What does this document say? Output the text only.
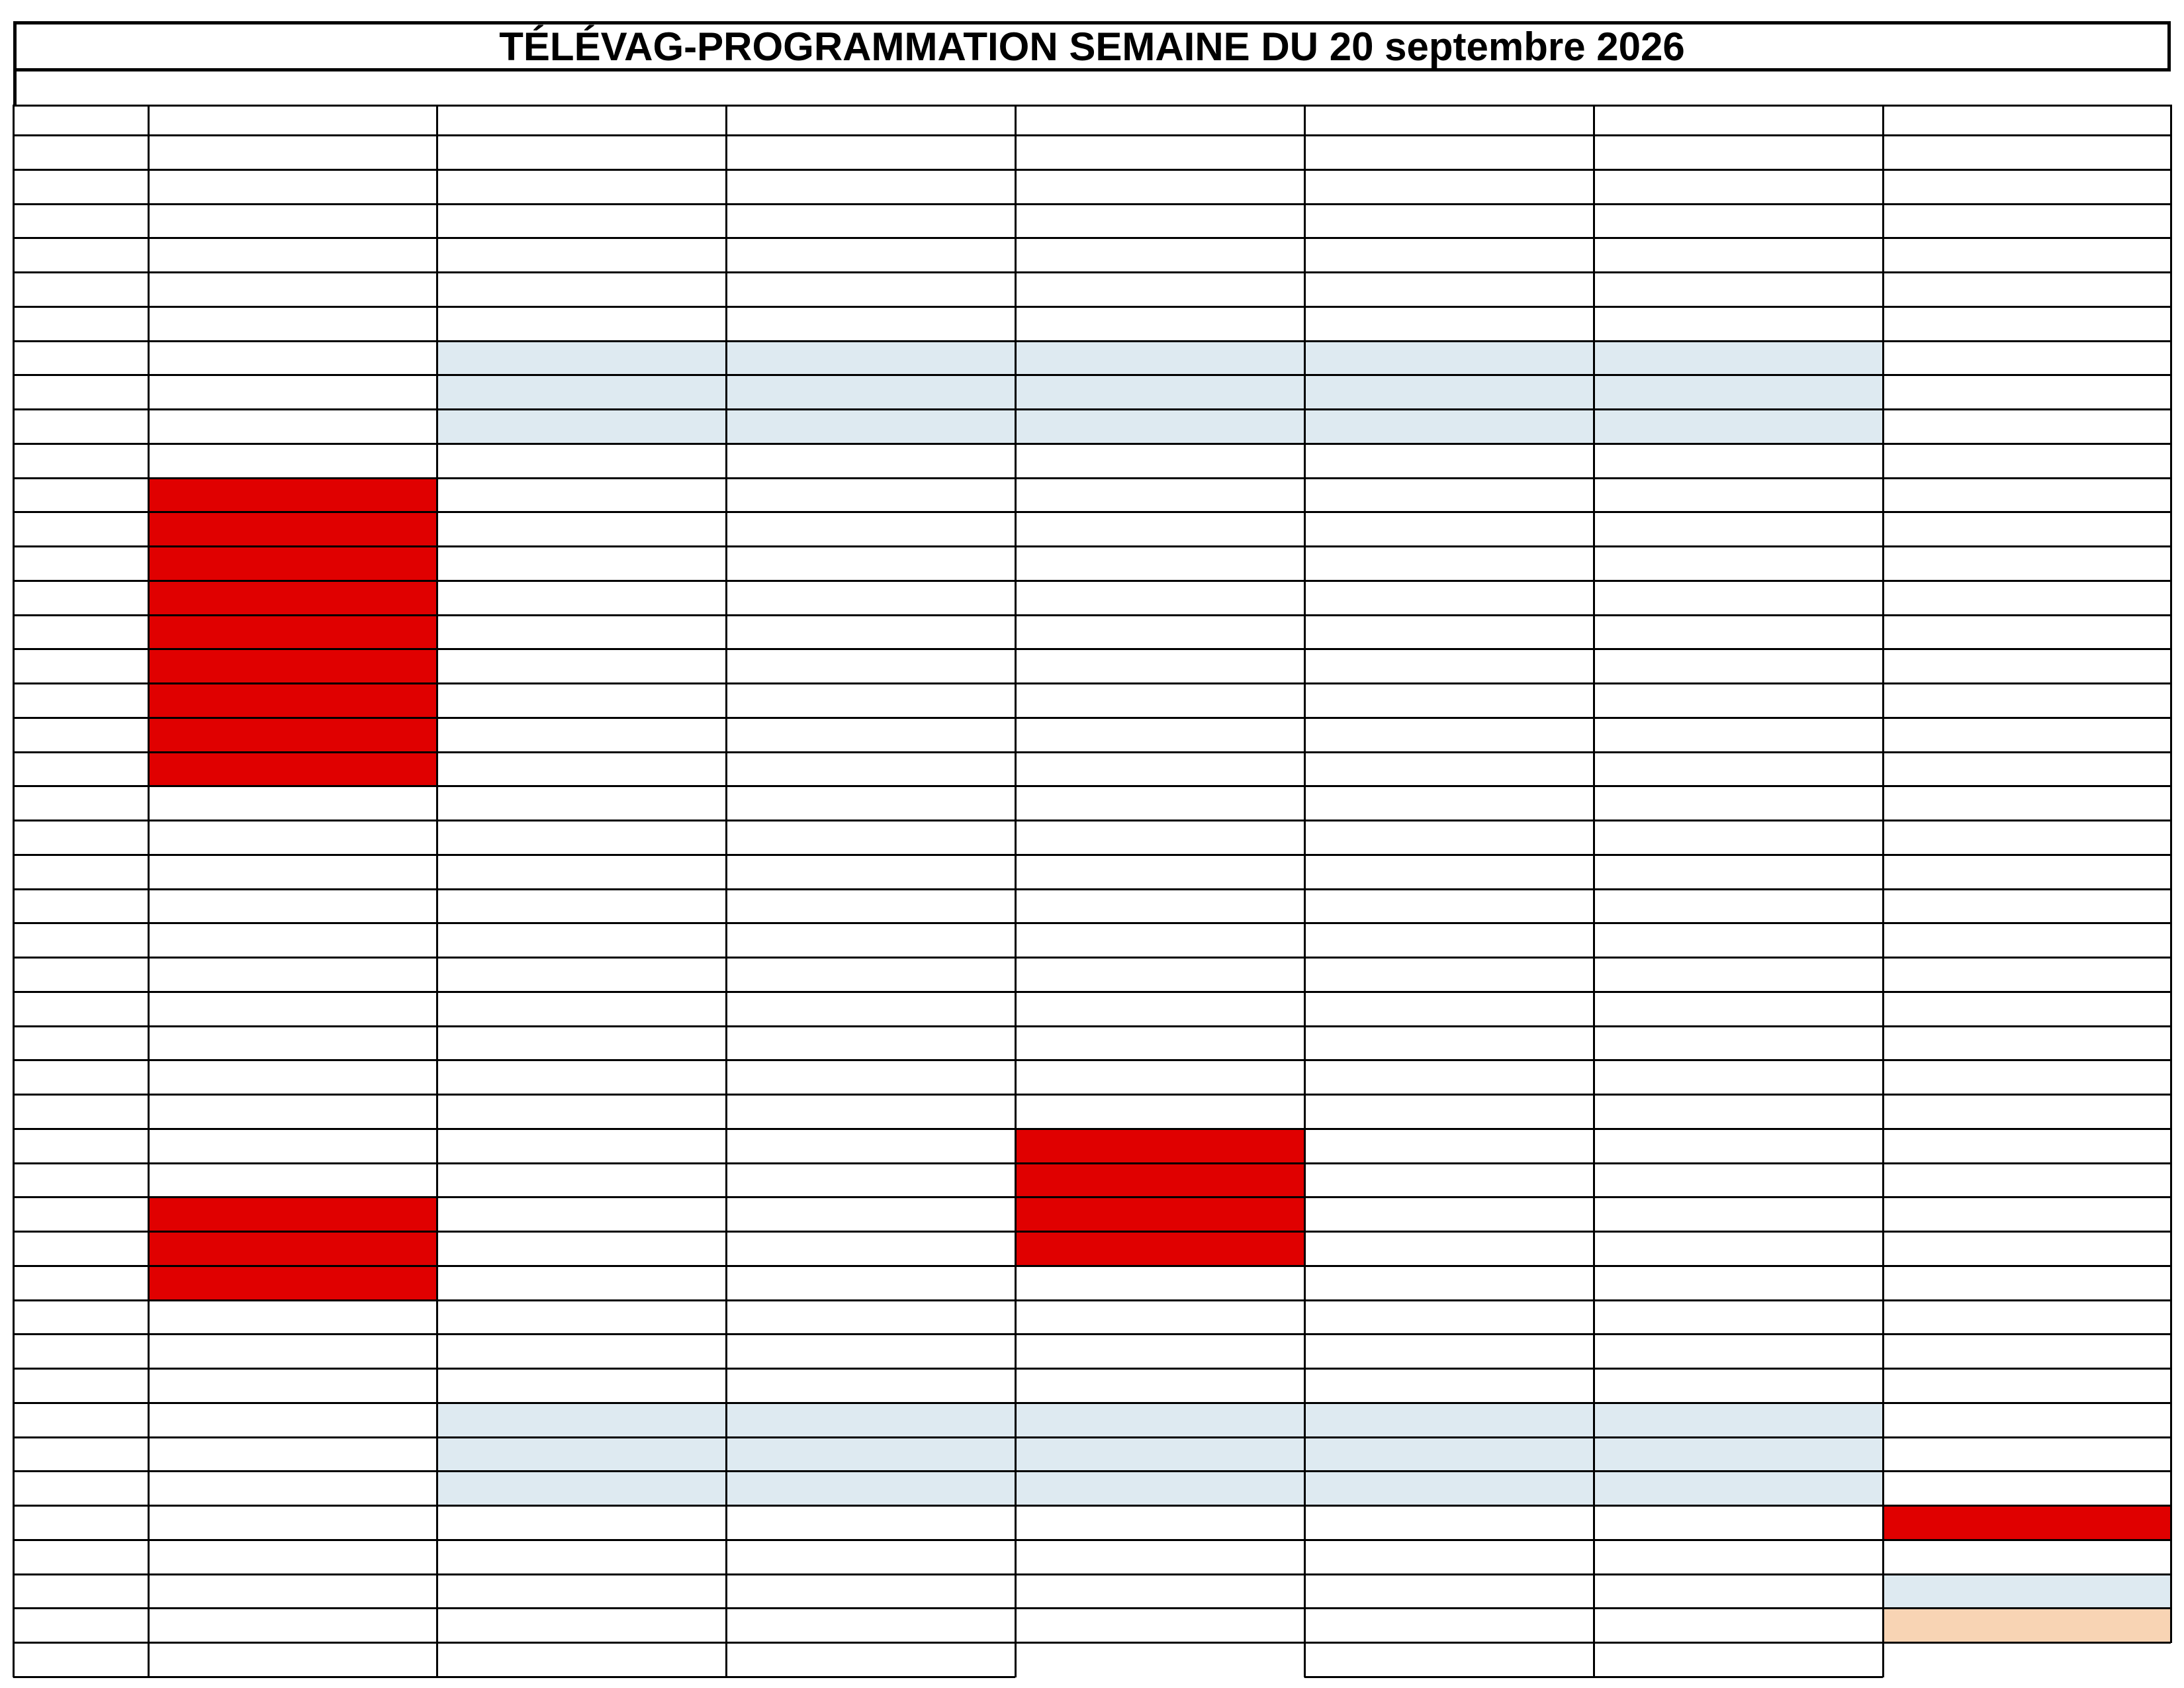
TÉLÉVAG-PROGRAMMATION SEMAINE DU 20 septembre 2026
